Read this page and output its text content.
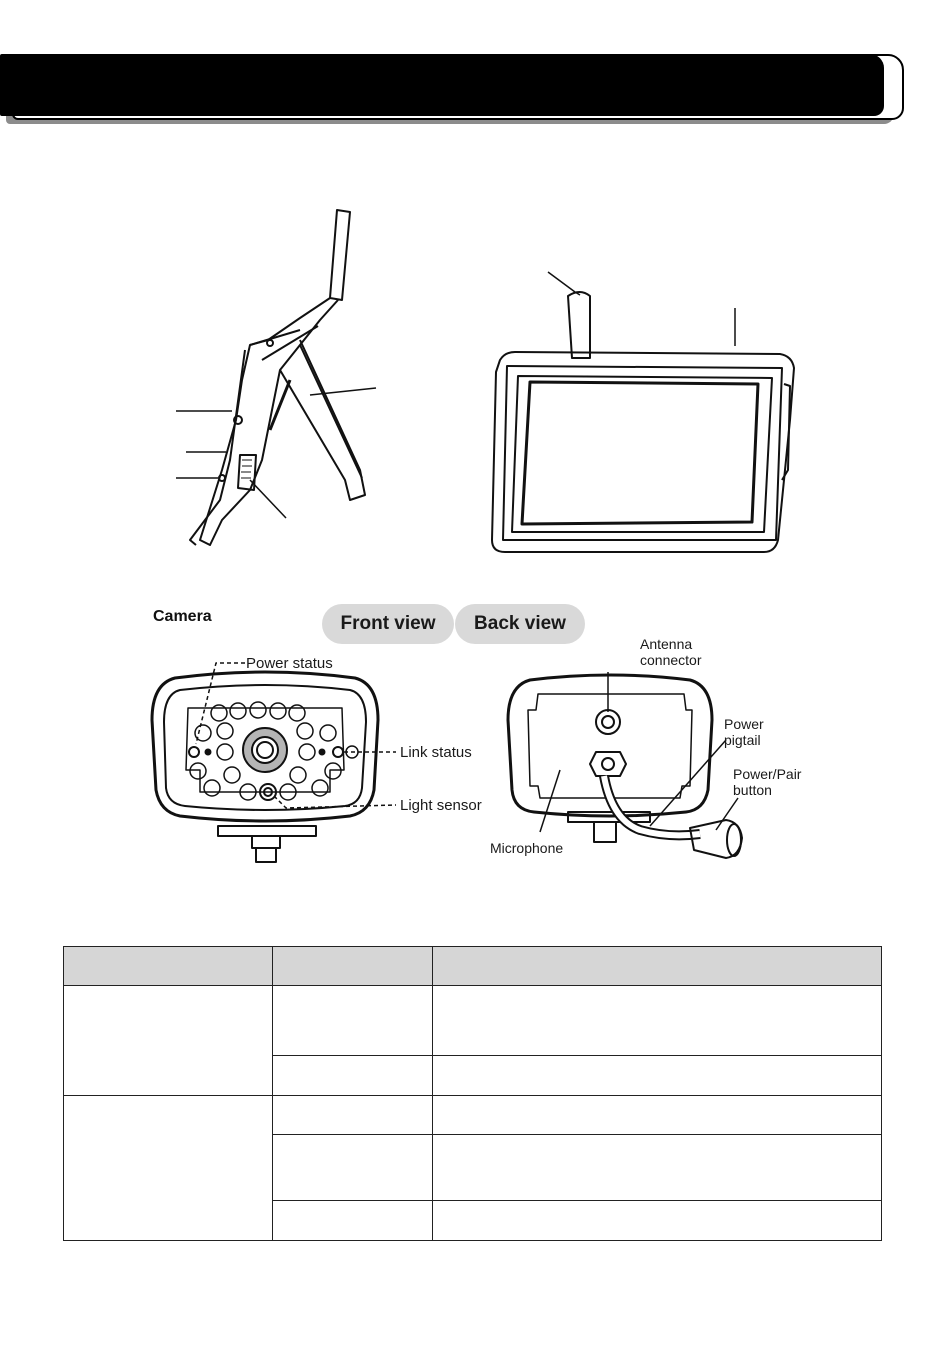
Camera	Front view	Back view
Power status
Link status
Light sensor
Antenna
connector
Power
pigtail
Power/Pair
button
Microphone
